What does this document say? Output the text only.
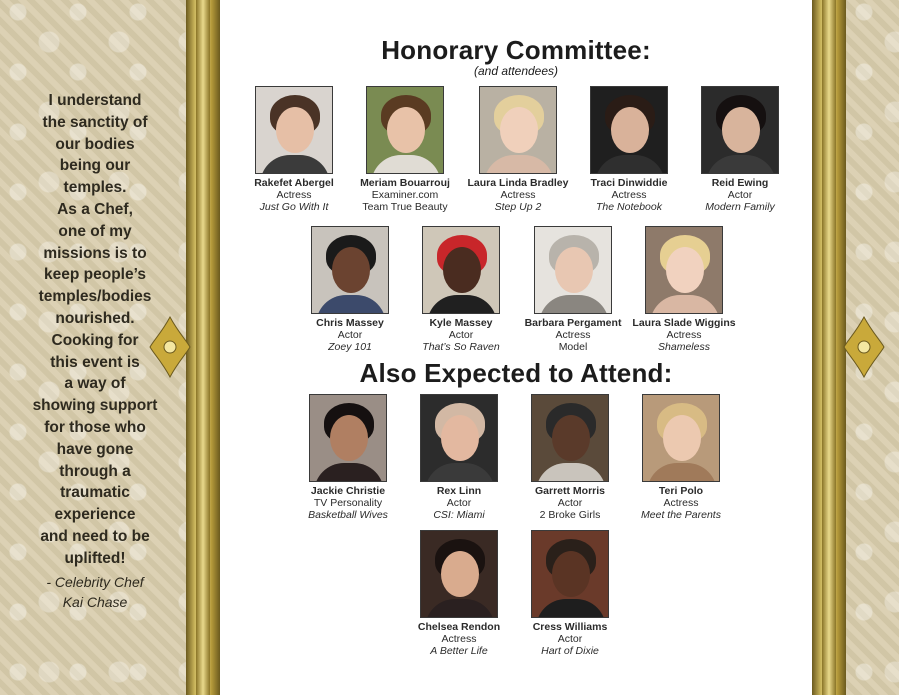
I understand
the sanctity of
our bodies
being our
temples.
As a Chef,
one of my
missions is to
keep people’s
temples/bodies
nourished.
Cooking for
this event is
a way of
showing support
for those who
have gone
through a
traumatic
experience
and need to be
uplifted!
- Celebrity Chef
Kai Chase
Honorary Committee:
(and attendees)
Rakefet Abergel
Actress
Just Go With It
Meriam Bouarrouj
Examiner.com
Team True Beauty
Laura Linda Bradley
Actress
Step Up 2
Traci Dinwiddie
Actress
The Notebook
Reid Ewing
Actor
Modern Family
Chris Massey
Actor
Zoey 101
Kyle Massey
Actor
That’s So Raven
Barbara Pergament
Actress
Model
Laura Slade Wiggins
Actress
Shameless
Also Expected to Attend:
Jackie Christie
TV Personality
Basketball Wives
Rex Linn
Actor
CSI: Miami
Garrett Morris
Actor
2 Broke Girls
Teri Polo
Actress
Meet the Parents
Chelsea Rendon
Actress
A Better Life
Cress Williams
Actor
Hart of Dixie
